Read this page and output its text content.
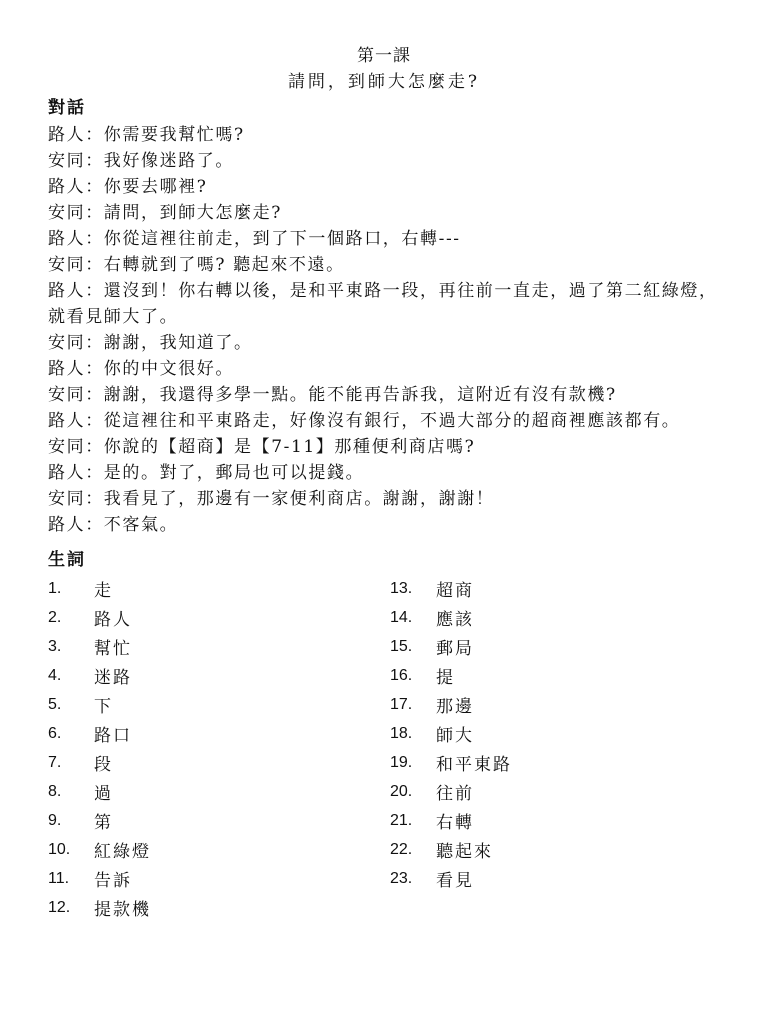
第一課
請問，到師大怎麼走?
對話
路人：你需要我幫忙嗎?
安同：我好像迷路了。
路人：你要去哪裡?
安同：請問，到師大怎麼走?
路人：你從這裡往前走，到了下一個路口，右轉---
安同：右轉就到了嗎? 聽起來不遠。
路人：還沒到！你右轉以後，是和平東路一段，再往前一直走，過了第二紅綠燈，就看見師大了。
安同：謝謝，我知道了。
路人：你的中文很好。
安同：謝謝，我還得多學一點。能不能再告訴我，這附近有沒有款機?
路人：從這裡往和平東路走，好像沒有銀行，不過大部分的超商裡應該都有。
安同：你說的【超商】是【7-11】那種便利商店嗎?
路人：是的。對了，郵局也可以提錢。
安同：我看見了，那邊有一家便利商店。謝謝，謝謝！
路人：不客氣。
生詞
1.	走
2.	路人
3.	幫忙
4.	迷路
5.	下
6.	路口
7.	段
8.	過
9.	第
10.	紅綠燈
11.	告訴
12.	提款機
13.	超商
14.	應該
15.	郵局
16.	提
17.	那邊
18.	師大
19.	和平東路
20.	往前
21.	右轉
22.	聽起來
23.	看見
